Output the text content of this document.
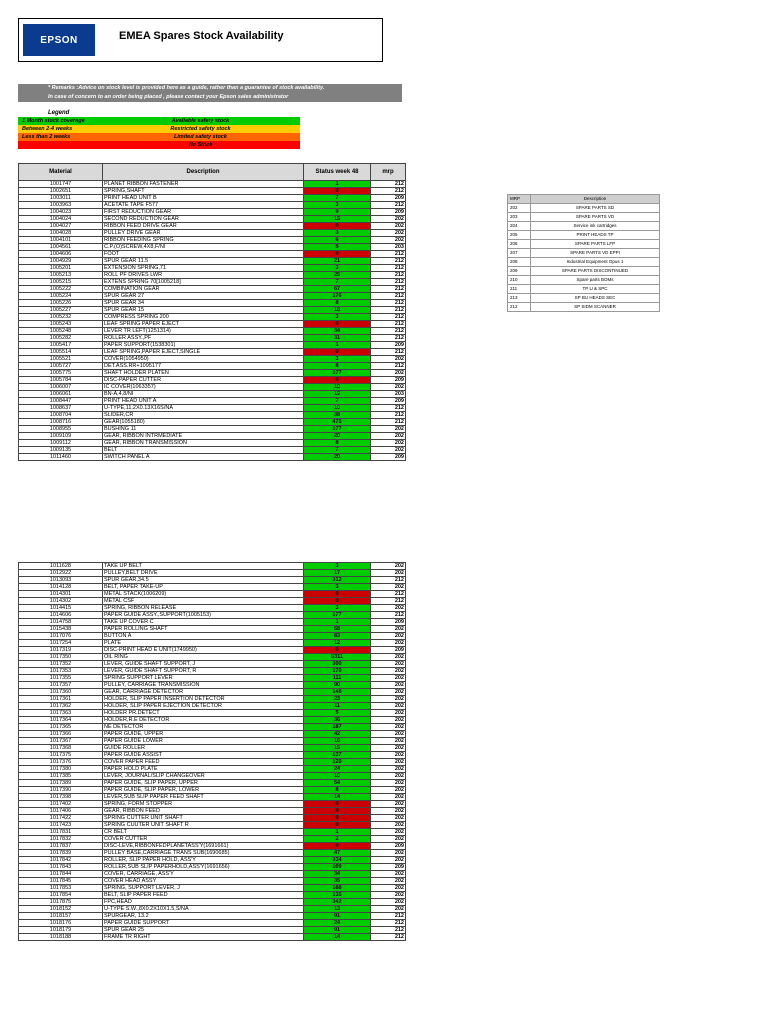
EPSON	EMEA Spares Stock Availability
* Remarks :Advice on stock level is provided here as a guide, rather than a guarantee of stock availability.
In case of concern to an order being placed , please contact your Epson sales administrator
Legend
1 Month stock coverage	Available safety stock
Between 2-4 weeks	Restricted safety stock
Less than 2 weeks	Limited safety stock
No Stock
Material	Description	Status week 48	mrp
1001747	PLANET RIBBON FASTENER	1	212
1002651	SPRING,SHAFT	0	212
1003011	PRINT HEAD UNIT B	7	209
1003963	ACETATE TAPE F577	3	212
1004023	FIRST REDUCTION GEAR	9	209
1004024	SECOND REDUCTION GEAR	15	202
1004027	RIBBON FEED DRIVE GEAR	0	202
1004028	PULLEY DRIVE GEAR	3	202
1004101	RIBBON FEEDING SPRING	6	202
1004561	C.P.(O)SCREW,4X8,F/NI	5	203
1004606	FOOT	0	212
1004929	SPUR GEAR 11.5	21	212
1005201	EXTENSION SPRING,71	3	212
1005213	ROLL PF DRIVES LWR	25	212
1005215	EXTENS SPRING 70[1005218]	7	212
1005222	COMBINATION GEAR	67	212
1005224	SPUR GEAR 27	176	212
1005226	SPUR GEAR 34	8	212
1005227	SPUR GEAR 15	18	212
1005232	COMPRESS SPRING 200	3	212
1005243	LEAF SPRING PAPER EJECT	0	212
1005248	LEVER TR LEFT(1251314)	34	212
1005282	ROLLER ASSY.,PF	31	212
1005417	PAPER SUPPORT(1538301)	1	209
1005514	LEAF SPRING,PAPER EJECT,SINGLE	0	212
1005521	COVER(1054950)	3	202
1005727	DET.ASS.RR+1095177	8	212
1005775	SHAFT HOLDER PLATEN	177	202
1005784	DISC-PAPER CUTTER	0	209
1006007	IC COVER(1063357)	10	202
1006061	BN-A,4,8/NI	19	203
1008447	PRINT HEAD UNIT A	7	209
1008637	U-TYPE,11.2X0.13X16S/NA	10	212
1008704	SLIDER,CR	38	212
1008716	GEAR(1055180)	475	212
1008955	BUSHING 11	177	202
1009109	GEAR, RIBBON INTRMEDIATE	20	202
1009112	GEAR, RIBBON TRANSMISSION	8	202
1009135	BELT	7	202
1011460	SWITCH PANEL A	20	209
1011628	TAKE UP BELT	3	202
1012922	PULLEY,BELT DRIVE	17	202
1013093	SPUR GEAR,34.5	312	212
1014128	BELT, PAPER TAKE-UP	3	202
1014301	METAL STACK(1006209)	0	212
1014302	METAL CSF	0	212
1014415	SPRING, RIBBON RELEASE	3	202
1014606	PAPER GUIDE ASSY.,SUPPORT(1005153)	177	212
1014758	TAKE UP COVER C	1	209
1015438	PAPER ROLLING SHAFT	58	202
1017076	BUTTON A	83	202
1017254	PLATE	12	202
1017319	DISC-PRINT HEAD E UNIT(1749950)	0	209
1017350	OIL RING	5311	202
1017352	LEVER, GUIDE SHAFT SUPPORT, J	300	202
1017353	LEVER, GUIDE SHAFT SUPPORT, R	170	202
1017355	SPRING SUPPORT LEVER	111	202
1017357	PULLEY, CARRIAGE TRANSMISSION	90	202
1017360	GEAR, CARRIAGE DETECTOR	148	202
1017361	HOLDER, SLIP PAPER INSERTION DETECTOR	23	202
1017362	HOLDER, SLIP PAPER EJECTION DETECTOR	11	202
1017363	HOLDER PR.DETECT	5	202
1017364	HOLDER,R.E DETECTOR	36	202
1017365	NE DETECTOR	187	202
1017366	PAPER GUIDE, UPPER	42	202
1017367	PAPER GUIDE LOWER	16	202
1017368	GUIDE ROLLER	15	202
1017375	PAPER GUIDE ASSIST	137	202
1017376	COVER PAPER FEED	120	202
1017380	PAPER HOLD PLATE	24	202
1017385	LEVER, JOURNAL/SLIP CHANGEOVER	10	202
1017389	PAPER GUIDE, SLIP PAPER, UPPER	54	202
1017390	PAPER GUIDE, SLIP PAPER, LOWER	8	202
1017398	LEVER,SUB SLIP PAPER FEED SHAFT	14	202
1017402	SPRING, FORM STOPPER	0	202
1017406	GEAR, RIBBON FEED	0	202
1017422	SPRING CUTTER UNIT SHAFT	0	202
1017423	SPRING CUUTER UNIT SHAFT R	0	202
1017831	CR BELT	1	202
1017832	COVER CUTTER	2	202
1017837	DISC-LEVE,RIBBONFEDPLANETASS'Y(1691661)	0	209
1017839	PULLEY BASE,CARRIAGE TRANS SUB(1690685)	47	202
1017842	ROLLER, SLIP PAPER HOLD, ASS'Y	334	202
1017843	ROLLER,SUB SLIP PAPERHOLD,ASS'Y(1691656)	109	209
1017844	COVER, CARRIAGE, ASS'Y	34	202
1017845	COVER HEAD ASSY	35	202
1017853	SPRING, SUPPORT LEVER, J	188	202
1017854	BELT, SLIP PAPER FEED	135	202
1017875	FPC,HEAD	342	202
1018152	U-TYPE S.W.,8X0.2X10X1.5,S/NA	13	202
1018157	SPURGEAR, 13.2	91	212
1018176	PAPER GUIDE SUPPORT	24	212
1018179	SPUR GEAR 25	91	212
1018188	FRAME TR RIGHT	14	212
MRP	Description
202	SPARE PARTS SD
203	SPARE PARTS VD
204	Service ink cartridges
205	PRINT HEADS TP
206	SPARE PARTS LFP
207	SPARE PARTS VD EPPI
208	Industrial Equipment Opus 1
209	SPARE PARTS DISCONTINUED
210	Spare parts BOMs
211	TP U & SPC
213	SP BU HEADS SEC
212	SP SIDM SCANNER
